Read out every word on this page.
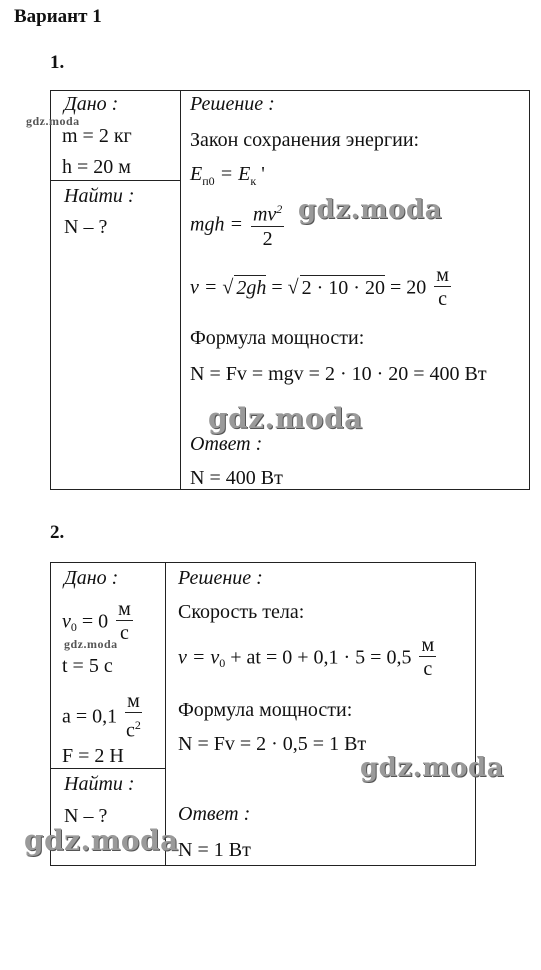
Вариант 1
1.
Дано :
m = 2 кг
h = 20 м
Найти :
N – ?
Решение :
Закон сохранения энергии:
$E_{п0} = E_к$ '
mgh = $\frac{mv^2}{2}$
v = √ 2gh = √ $2 \cdot 10 \cdot 20 = 20 \frac{м}{с}$
Формула мощности:
N = Fv = mgv = 2 · 10 · 20 = 400 Вт
Ответ :
N = 400 Вт
2.
Дано :
$v_0 = 0 \frac{м}{с}$
t = 5 с
$a = 0,1 \frac{м}{с^2}$
F = 2 Н
Найти :
N – ?
Решение :
Скорость тела:
$v = v_0$ + at = $0 + 0,1 \cdot 5 = 0,5 \frac{м}{с}$
Формула мощности:
N = Fv = 2 · 0,5 = 1 Вт
Ответ :
N = 1 Вт
gdz.moda
gdz.moda
gdz.moda
gdz.moda
gdz.moda
gdz.moda
